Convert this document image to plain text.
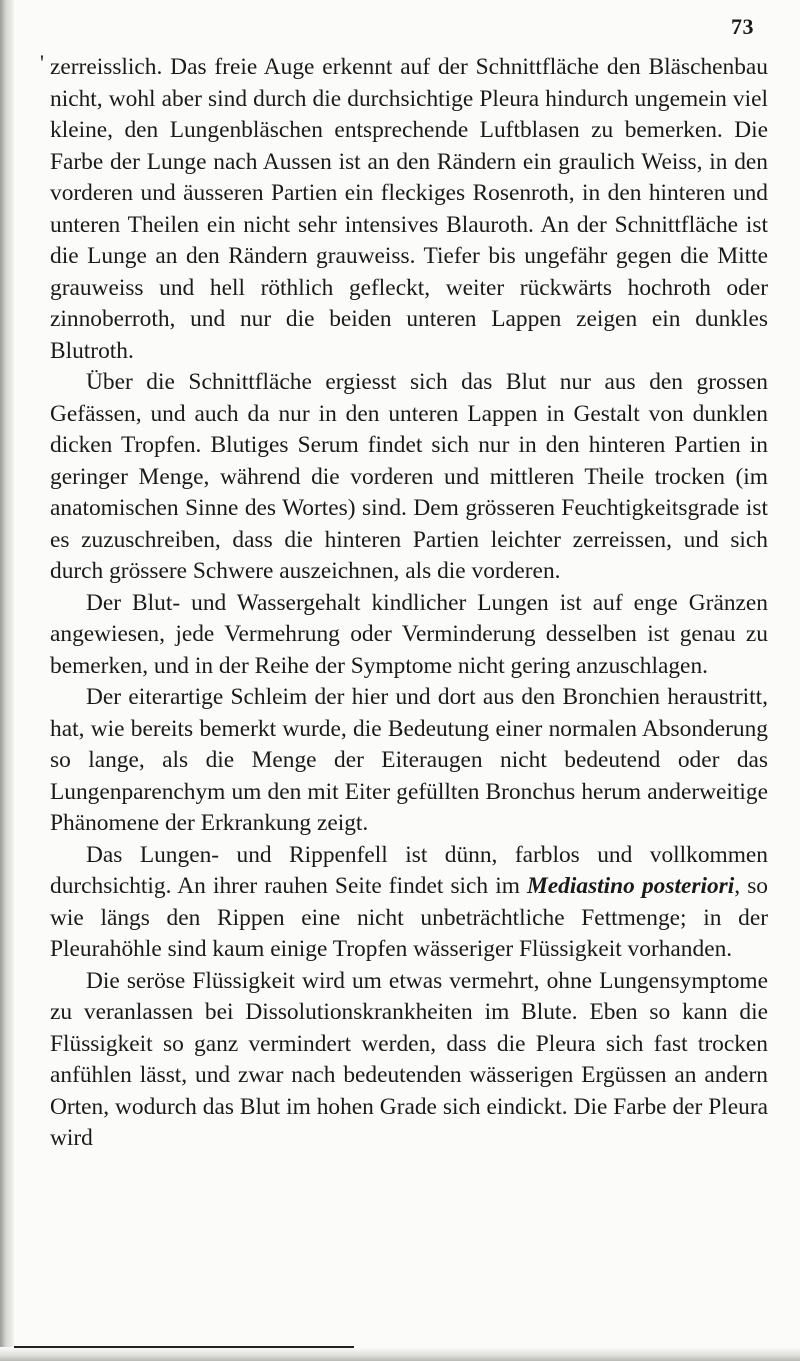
73
' zerreisslich. Das freie Auge erkennt auf der Schnittfläche den Bläschenbau nicht, wohl aber sind durch die durchsichtige Pleura hindurch ungemein viel kleine, den Lungenbläschen entsprechende Luftblasen zu bemerken. Die Farbe der Lunge nach Aussen ist an den Rändern ein graulich Weiss, in den vorderen und äusseren Partien ein fleckiges Rosenroth, in den hinteren und unteren Theilen ein nicht sehr intensives Blauroth. An der Schnittfläche ist die Lunge an den Rändern grauweiss. Tiefer bis ungefähr gegen die Mitte grauweiss und hell röthlich gefleckt, weiter rückwärts hochroth oder zinnoberroth, und nur die beiden unteren Lappen zeigen ein dunkles Blutroth.

Über die Schnittfläche ergiesst sich das Blut nur aus den grossen Gefässen, und auch da nur in den unteren Lappen in Gestalt von dunklen dicken Tropfen. Blutiges Serum findet sich nur in den hinteren Partien in geringer Menge, während die vorderen und mittleren Theile trocken (im anatomischen Sinne des Wortes) sind. Dem grösseren Feuchtigkeitsgrade ist es zuzuschreiben, dass die hinteren Partien leichter zerreissen, und sich durch grössere Schwere auszeichnen, als die vorderen.

Der Blut- und Wassergehalt kindlicher Lungen ist auf enge Gränzen angewiesen, jede Vermehrung oder Verminderung desselben ist genau zu bemerken, und in der Reihe der Symptome nicht gering anzuschlagen.

Der eiterartige Schleim der hier und dort aus den Bronchien heraustritt, hat, wie bereits bemerkt wurde, die Bedeutung einer normalen Absonderung so lange, als die Menge der Eiteraugen nicht bedeutend oder das Lungenparenchym um den mit Eiter gefüllten Bronchus herum anderweitige Phänomene der Erkrankung zeigt.

Das Lungen- und Rippenfell ist dünn, farblos und vollkommen durchsichtig. An ihrer rauhen Seite findet sich im Mediastino posteriori, so wie längs den Rippen eine nicht unbeträchtliche Fettmenge; in der Pleurahöhle sind kaum einige Tropfen wässeriger Flüssigkeit vorhanden.

Die seröse Flüssigkeit wird um etwas vermehrt, ohne Lungensymptome zu veranlassen bei Dissolutionskrankheiten im Blute. Eben so kann die Flüssigkeit so ganz vermindert werden, dass die Pleura sich fast trocken anfühlen lässt, und zwar nach bedeutenden wässerigen Ergüssen an andern Orten, wodurch das Blut im hohen Grade sich eindickt. Die Farbe der Pleura wird
